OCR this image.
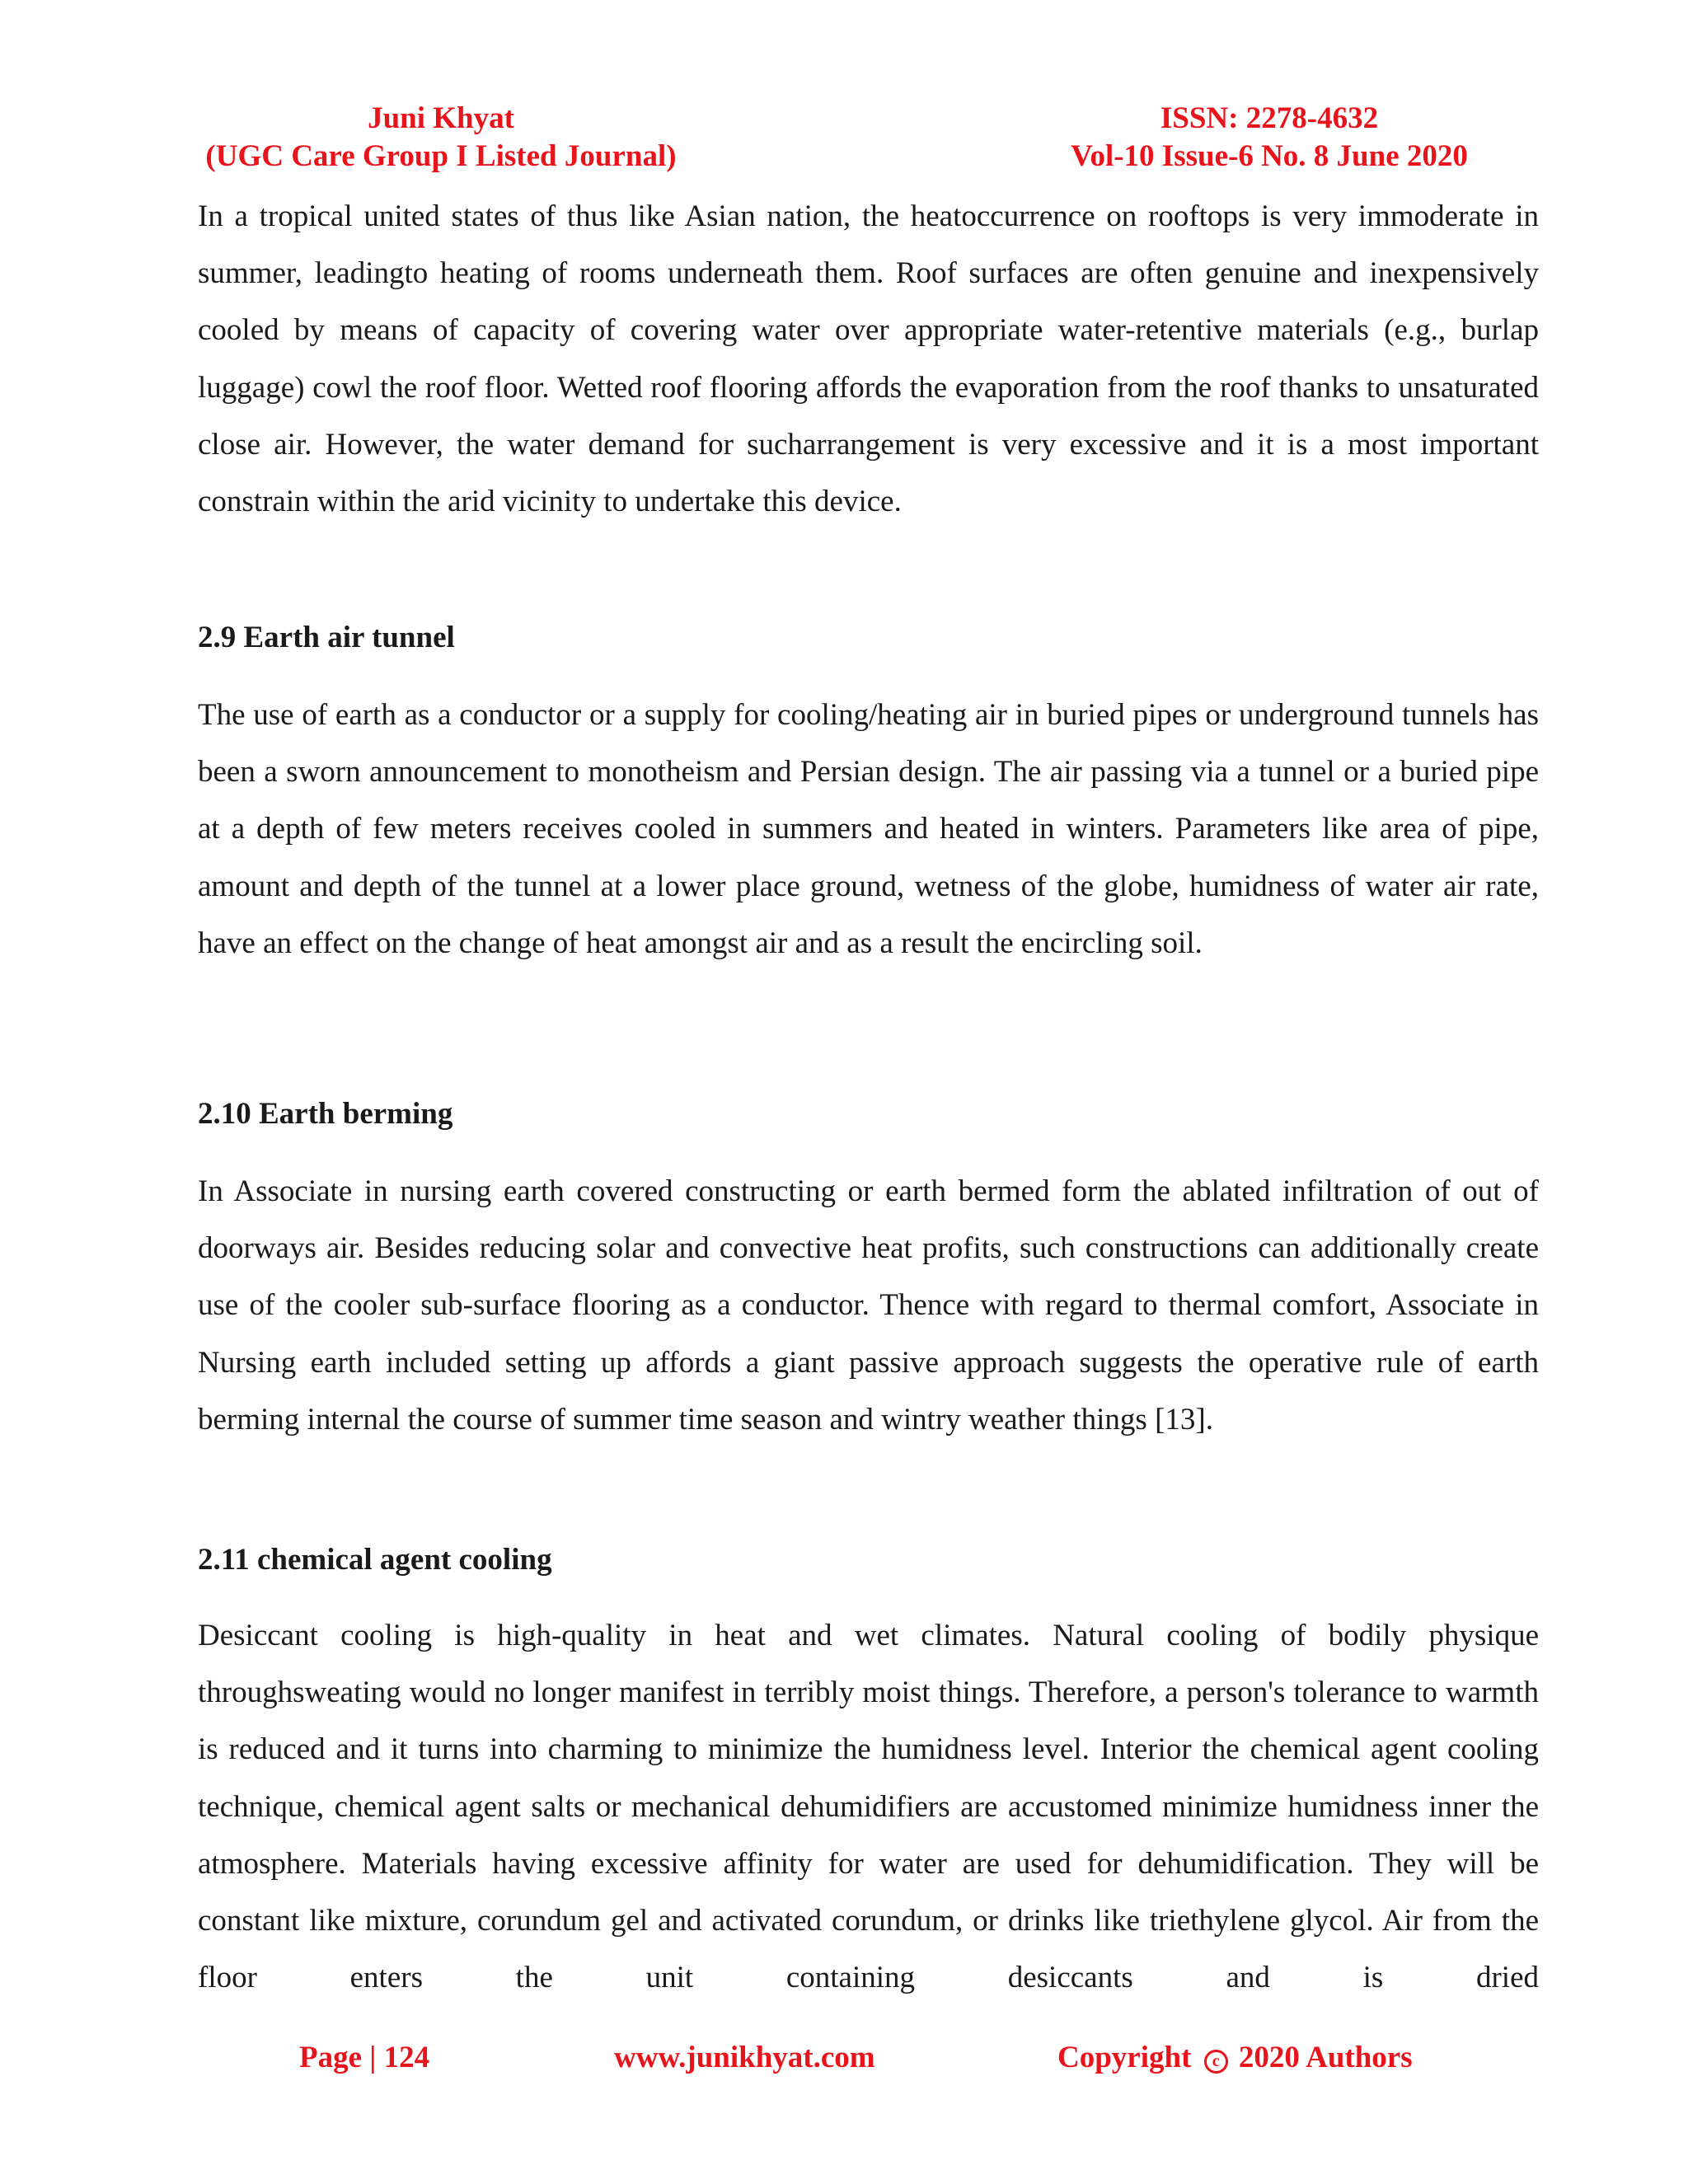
Juni Khyat
(UGC Care Group I Listed Journal)
ISSN: 2278-4632
Vol-10 Issue-6 No. 8 June 2020
In a tropical united states of thus like Asian nation, the heatoccurrence on rooftops is very immoderate in summer, leadingto heating of rooms underneath them. Roof surfaces are often genuine and inexpensively cooled by means of capacity of covering water over appropriate water-retentive materials (e.g., burlap luggage) cowl the roof floor. Wetted roof flooring affords the evaporation from the roof thanks to unsaturated close air. However, the water demand for sucharrangement is very excessive and it is a most important constrain within the arid vicinity to undertake this device.
2.9 Earth air tunnel
The use of earth as a conductor or a supply for cooling/heating air in buried pipes or underground tunnels has been a sworn announcement to monotheism and Persian design. The air passing via a tunnel or a buried pipe at a depth of few meters receives cooled in summers and heated in winters. Parameters like area of pipe, amount and depth of the tunnel at a lower place ground, wetness of the globe, humidness of water air rate, have an effect on the change of heat amongst air and as a result the encircling soil.
2.10 Earth berming
In Associate in nursing earth covered constructing or earth bermed form the ablated infiltration of out of doorways air. Besides reducing solar and convective heat profits, such constructions can additionally create use of the cooler sub-surface flooring as a conductor. Thence with regard to thermal comfort, Associate in Nursing earth included setting up affords a giant passive approach suggests the operative rule of earth berming internal the course of summer time season and wintry weather things [13].
2.11 chemical agent cooling
Desiccant cooling is high-quality in heat and wet climates. Natural cooling of bodily physique throughsweating would no longer manifest in terribly moist things. Therefore, a person's tolerance to warmth is reduced and it turns into charming to minimize the humidness level. Interior the chemical agent cooling technique, chemical agent salts or mechanical dehumidifiers are accustomed minimize humidness inner the atmosphere. Materials having excessive affinity for water are used for dehumidification. They will be constant like mixture, corundum gel and activated corundum, or drinks like triethylene glycol. Air from the floor enters the unit containing desiccants and is dried
Page | 124	www.junikhyat.com	Copyright c 2020 Authors
